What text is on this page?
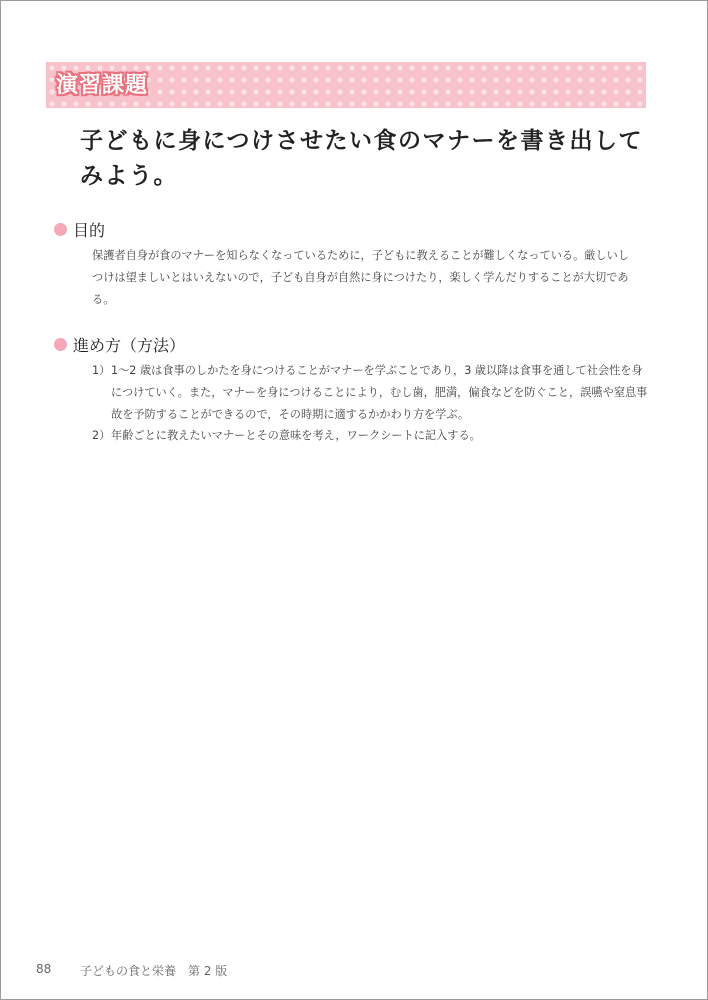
演習課題
子どもに身につけさせたい食のマナーを書き出してみよう。
目的
保護者自身が食のマナーを知らなくなっているために，子どもに教えることが難しくなっている。厳しいしつけは望ましいとはいえないので，子ども自身が自然に身につけたり，楽しく学んだりすることが大切である。
進め方（方法）
1） 1～2 歳は食事のしかたを身につけることがマナーを学ぶことであり，3 歳以降は食事を通して社会性を身につけていく。また，マナーを身につけることにより，むし歯，肥満，偏食などを防ぐこと，誤嚥や窒息事故を予防することができるので，その時期に適するかかわり方を学ぶ。
2） 年齢ごとに教えたいマナーとその意味を考え，ワークシートに記入する。
88 子どもの食と栄養　第 2 版
